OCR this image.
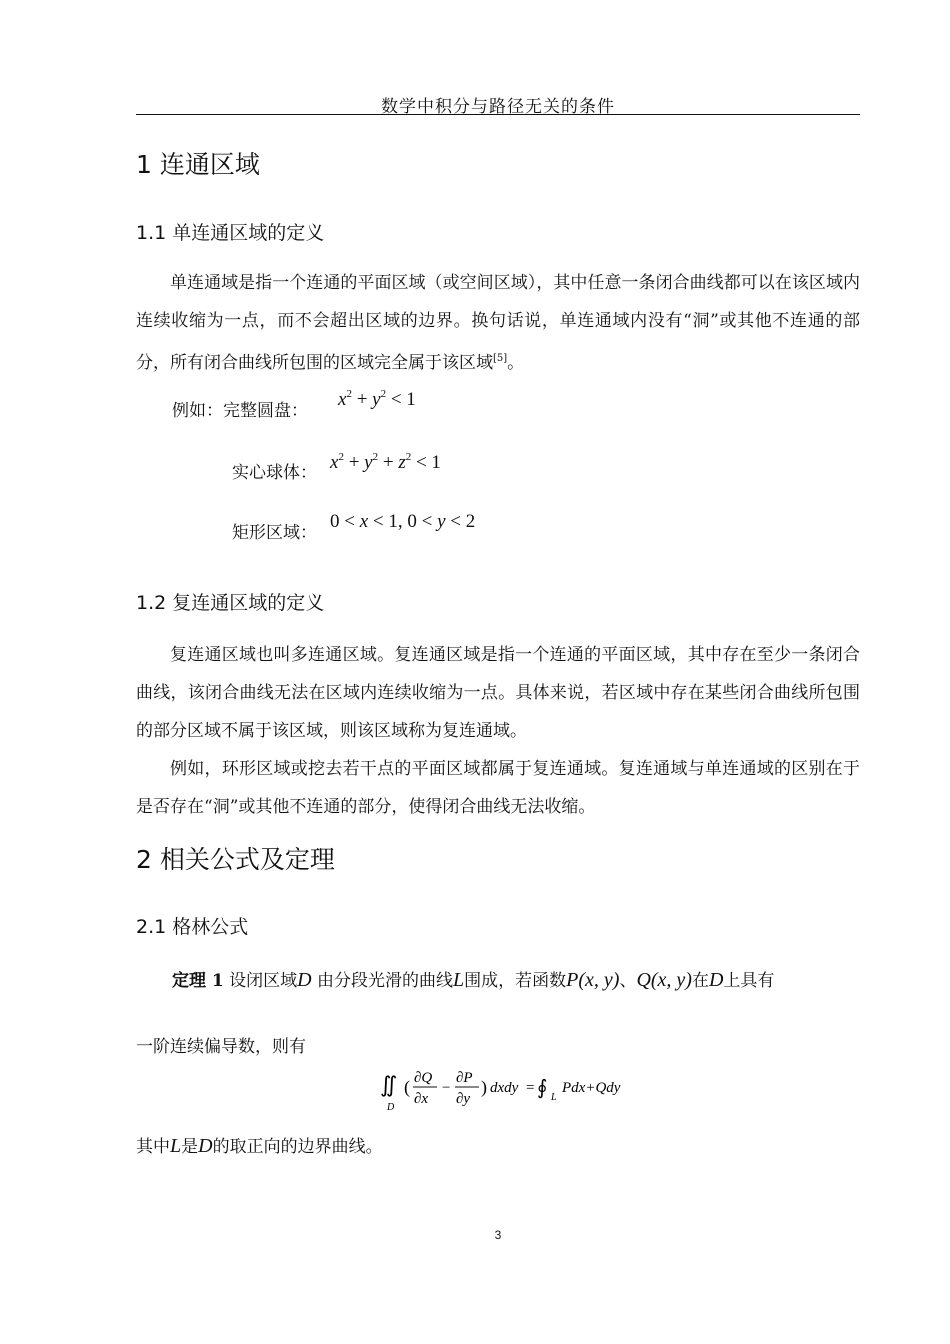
数学中积分与路径无关的条件
1 连通区域
1.1 单连通区域的定义

单连通域是指一个连通的平面区域（或空间区域），其中任意一条闭合曲线都可以在该区域内连续收缩为一点，而不会超出区域的边界。换句话说，单连通域内没有“洞”或其他不连通的部分，所有闭合曲线所包围的区域完全属于该区域[5]。

例如：完整圆盘：
$x^2 + y^2 < 1$
实心球体： $x^2 + y^2 + z^2 < 1$
矩形区域：
0 < x < 1, 0 < y < 2
1.2 复连通区域的定义

复连通区域也叫多连通区域。复连通区域是指一个连通的平面区域，其中存在至少一条闭合曲线，该闭合曲线无法在区域内连续收缩为一点。具体来说，若区域中存在某些闭合曲线所包围的部分区域不属于该区域，则该区域称为复连通域。

例如，环形区域或挖去若干点的平面区域都属于复连通域。复连通域与单连通域的区别在于是否存在“洞”或其他不连通的部分，使得闭合曲线无法收缩。

2 相关公式及定理
2.1 格林公式
定理 1 设闭区域D 由分段光滑的曲线L围成，若函数P(x, y)、Q(x, y)在D上具有
一阶连续偏导数，则有
∬
D
( ∂Q
∂x
−
∂P
∂y
) dxdy = ∮ L
Pdx+Qdy
其中L是D的取正向的边界曲线。
3
